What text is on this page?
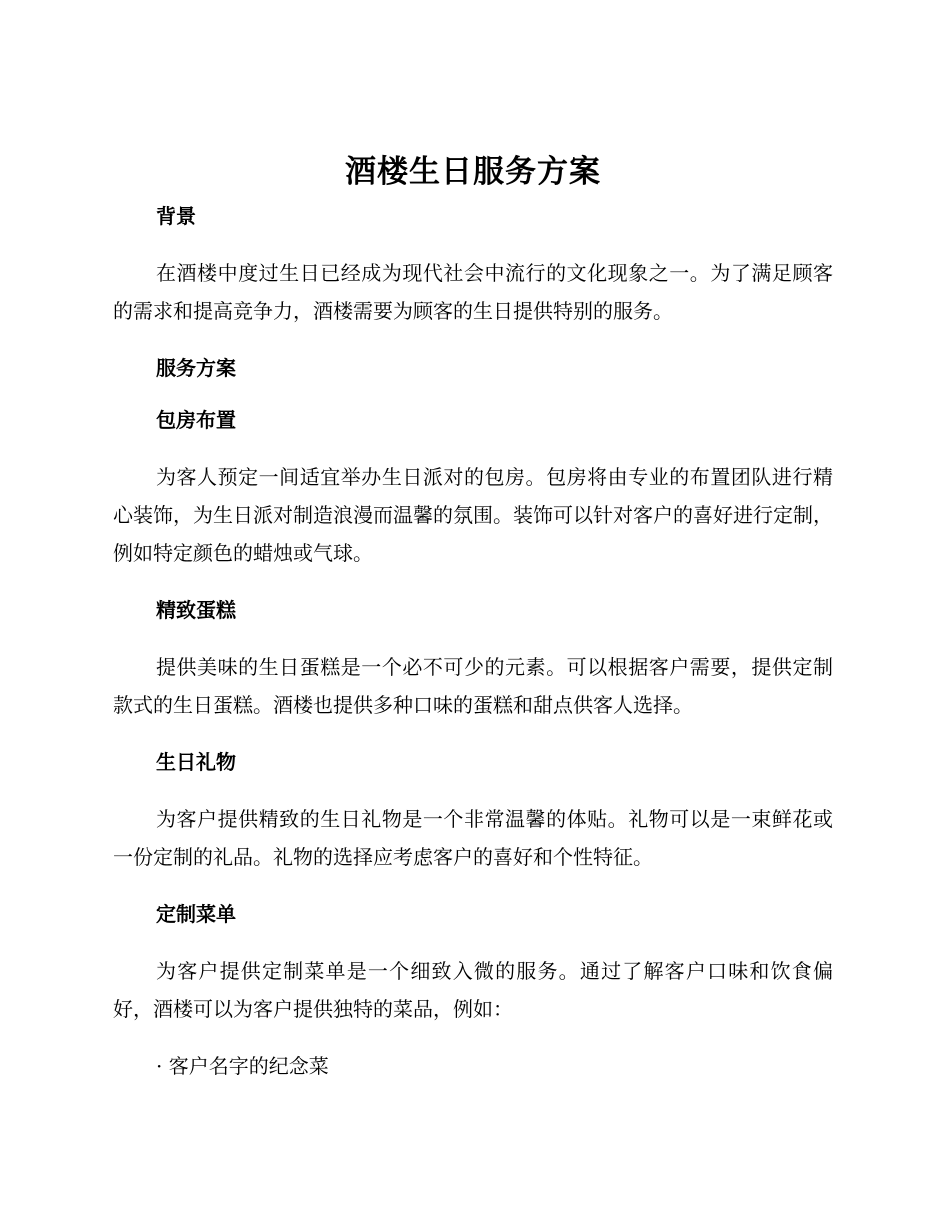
酒楼生日服务方案
背景

在酒楼中度过生日已经成为现代社会中流行的文化现象之一。为了满足顾客的需求和提高竞争力，酒楼需要为顾客的生日提供特别的服务。

服务方案
包房布置

为客人预定一间适宜举办生日派对的包房。包房将由专业的布置团队进行精心装饰，为生日派对制造浪漫而温馨的氛围。装饰可以针对客户的喜好进行定制，例如特定颜色的蜡烛或气球。

精致蛋糕

提供美味的生日蛋糕是一个必不可少的元素。可以根据客户需要，提供定制款式的生日蛋糕。酒楼也提供多种口味的蛋糕和甜点供客人选择。

生日礼物

为客户提供精致的生日礼物是一个非常温馨的体贴。礼物可以是一束鲜花或一份定制的礼品。礼物的选择应考虑客户的喜好和个性特征。

定制菜单

为客户提供定制菜单是一个细致入微的服务。通过了解客户口味和饮食偏好，酒楼可以为客户提供独特的菜品，例如：

· 客户名字的纪念菜
